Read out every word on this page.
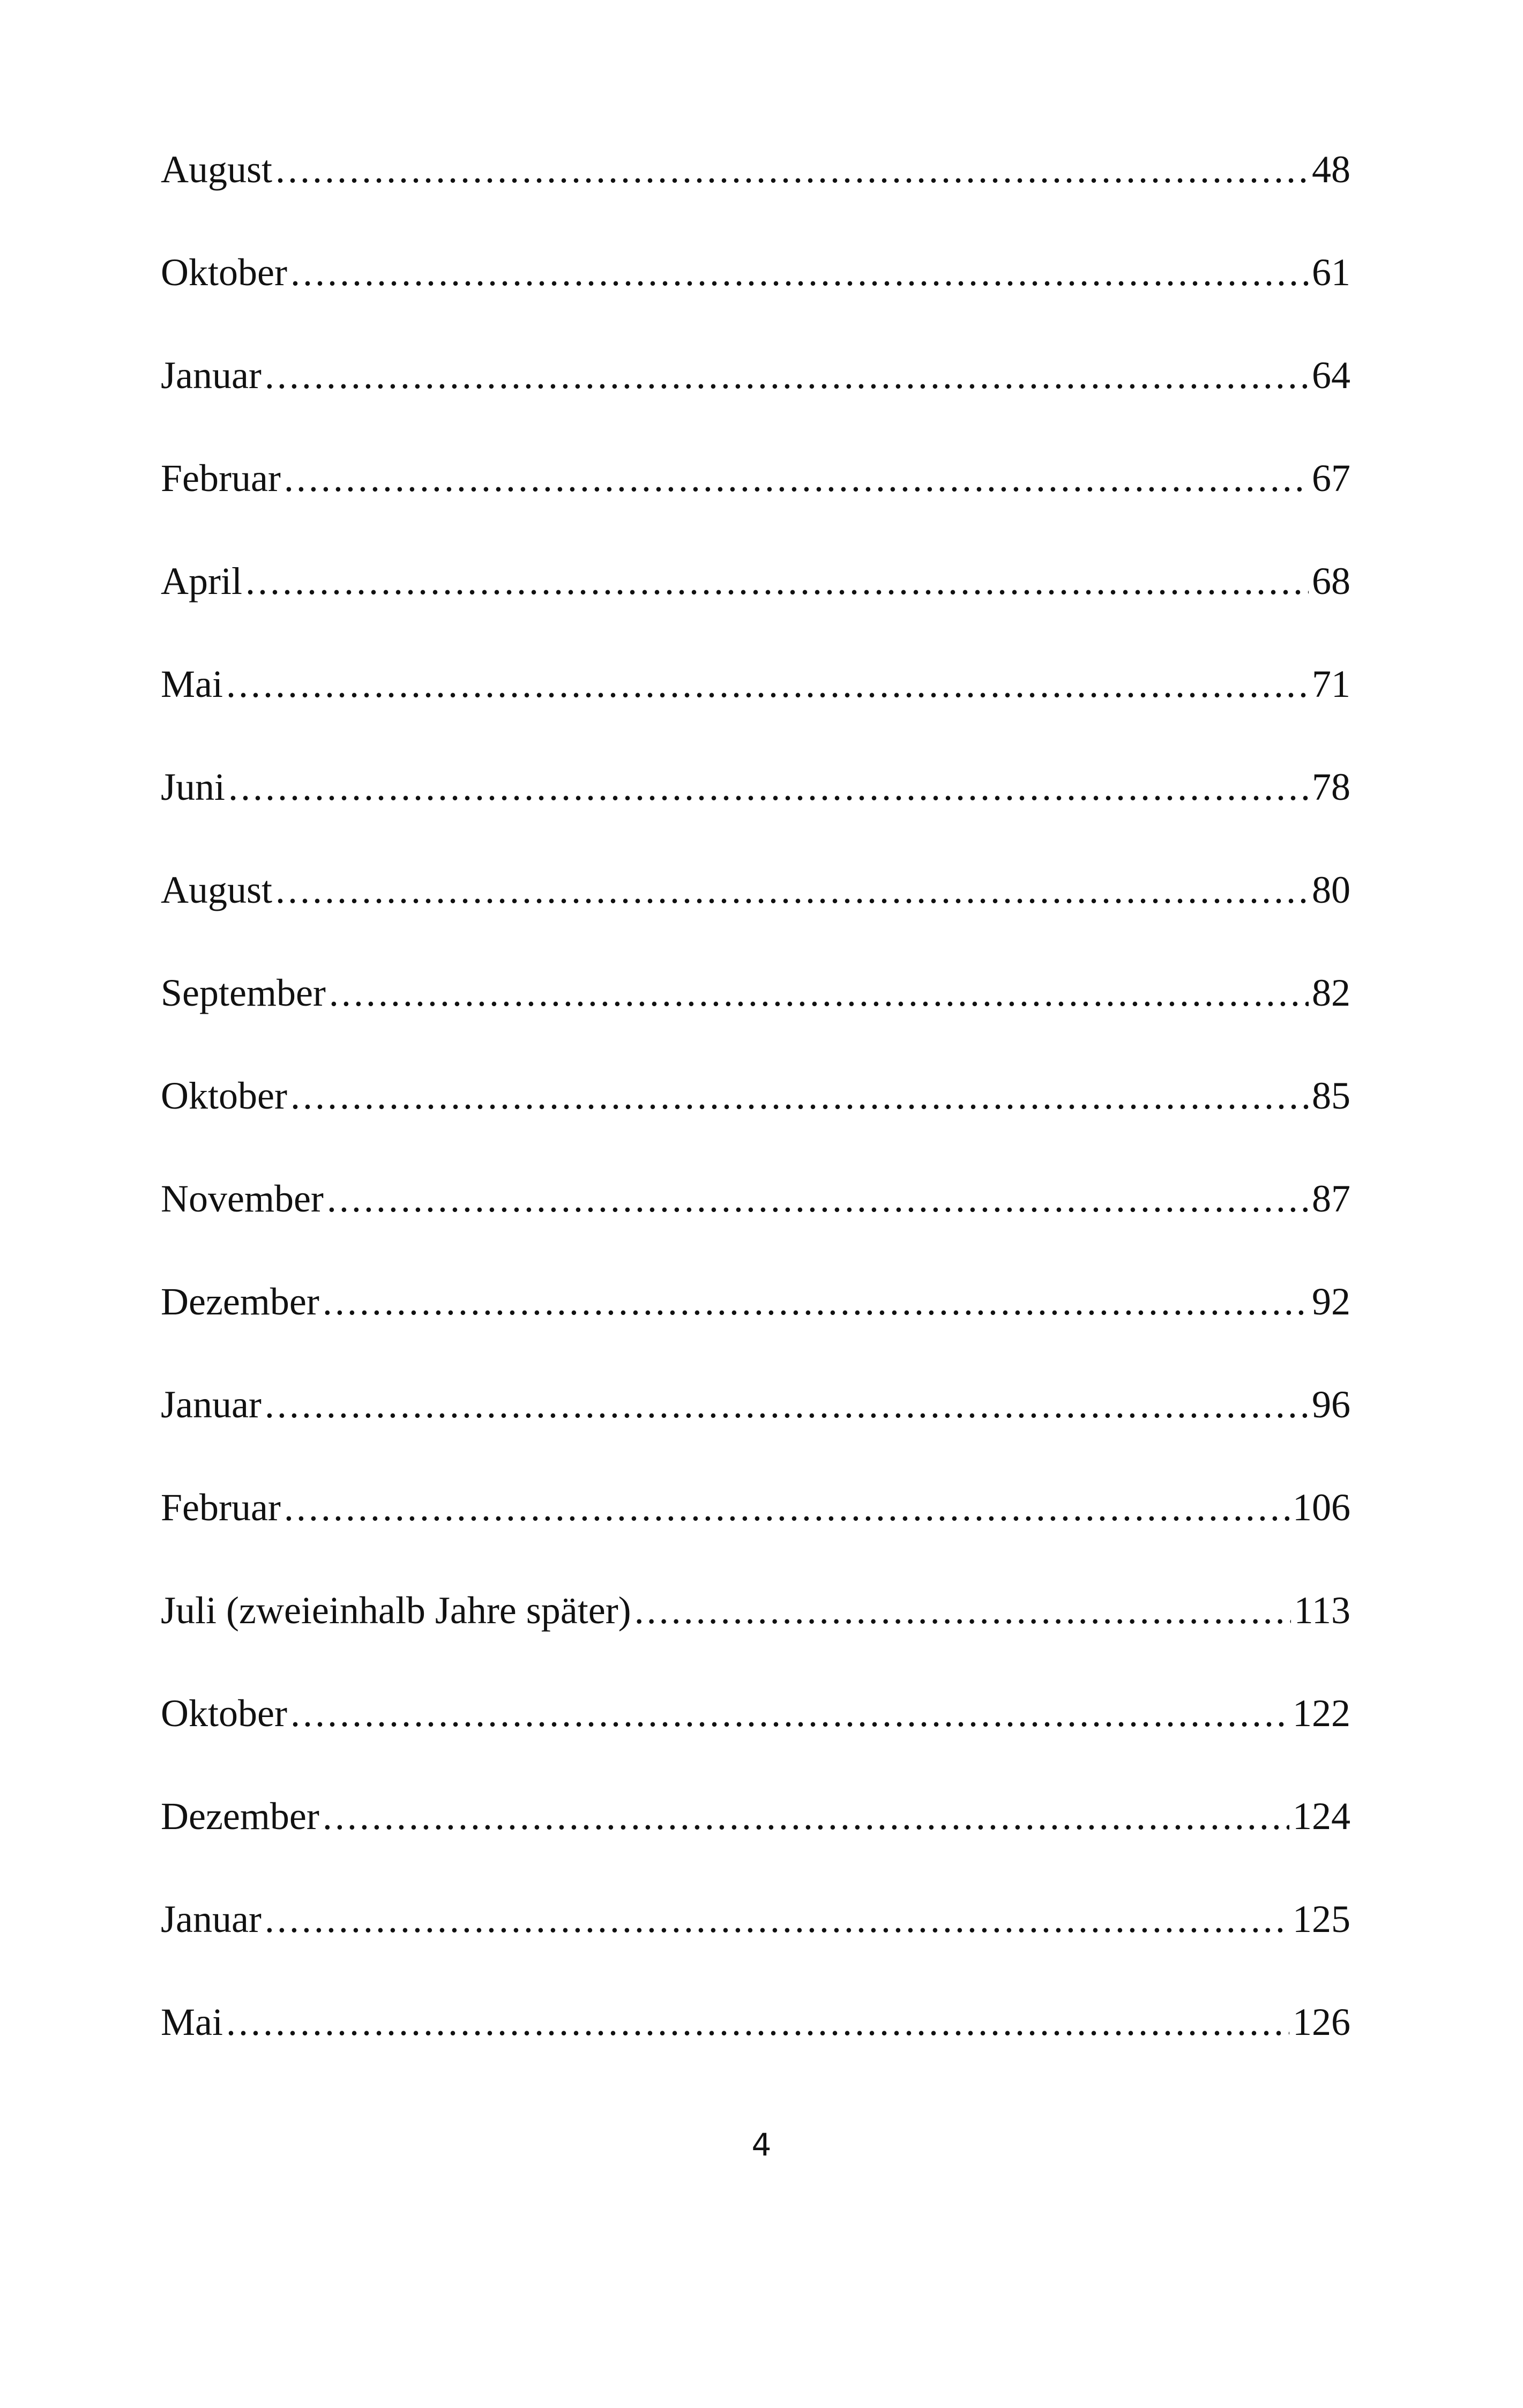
August .....	48
Oktober .....	61
Januar .....	64
Februar .....	67
April .....	68
Mai .....	71
Juni .....	78
August .....	80
September .....	82
Oktober .....	85
November .....	87
Dezember .....	92
Januar .....	96
Februar .....	106
Juli (zweieinhalb Jahre später) .....	113
Oktober .....	122
Dezember .....	124
Januar .....	125
Mai .....	126
4
